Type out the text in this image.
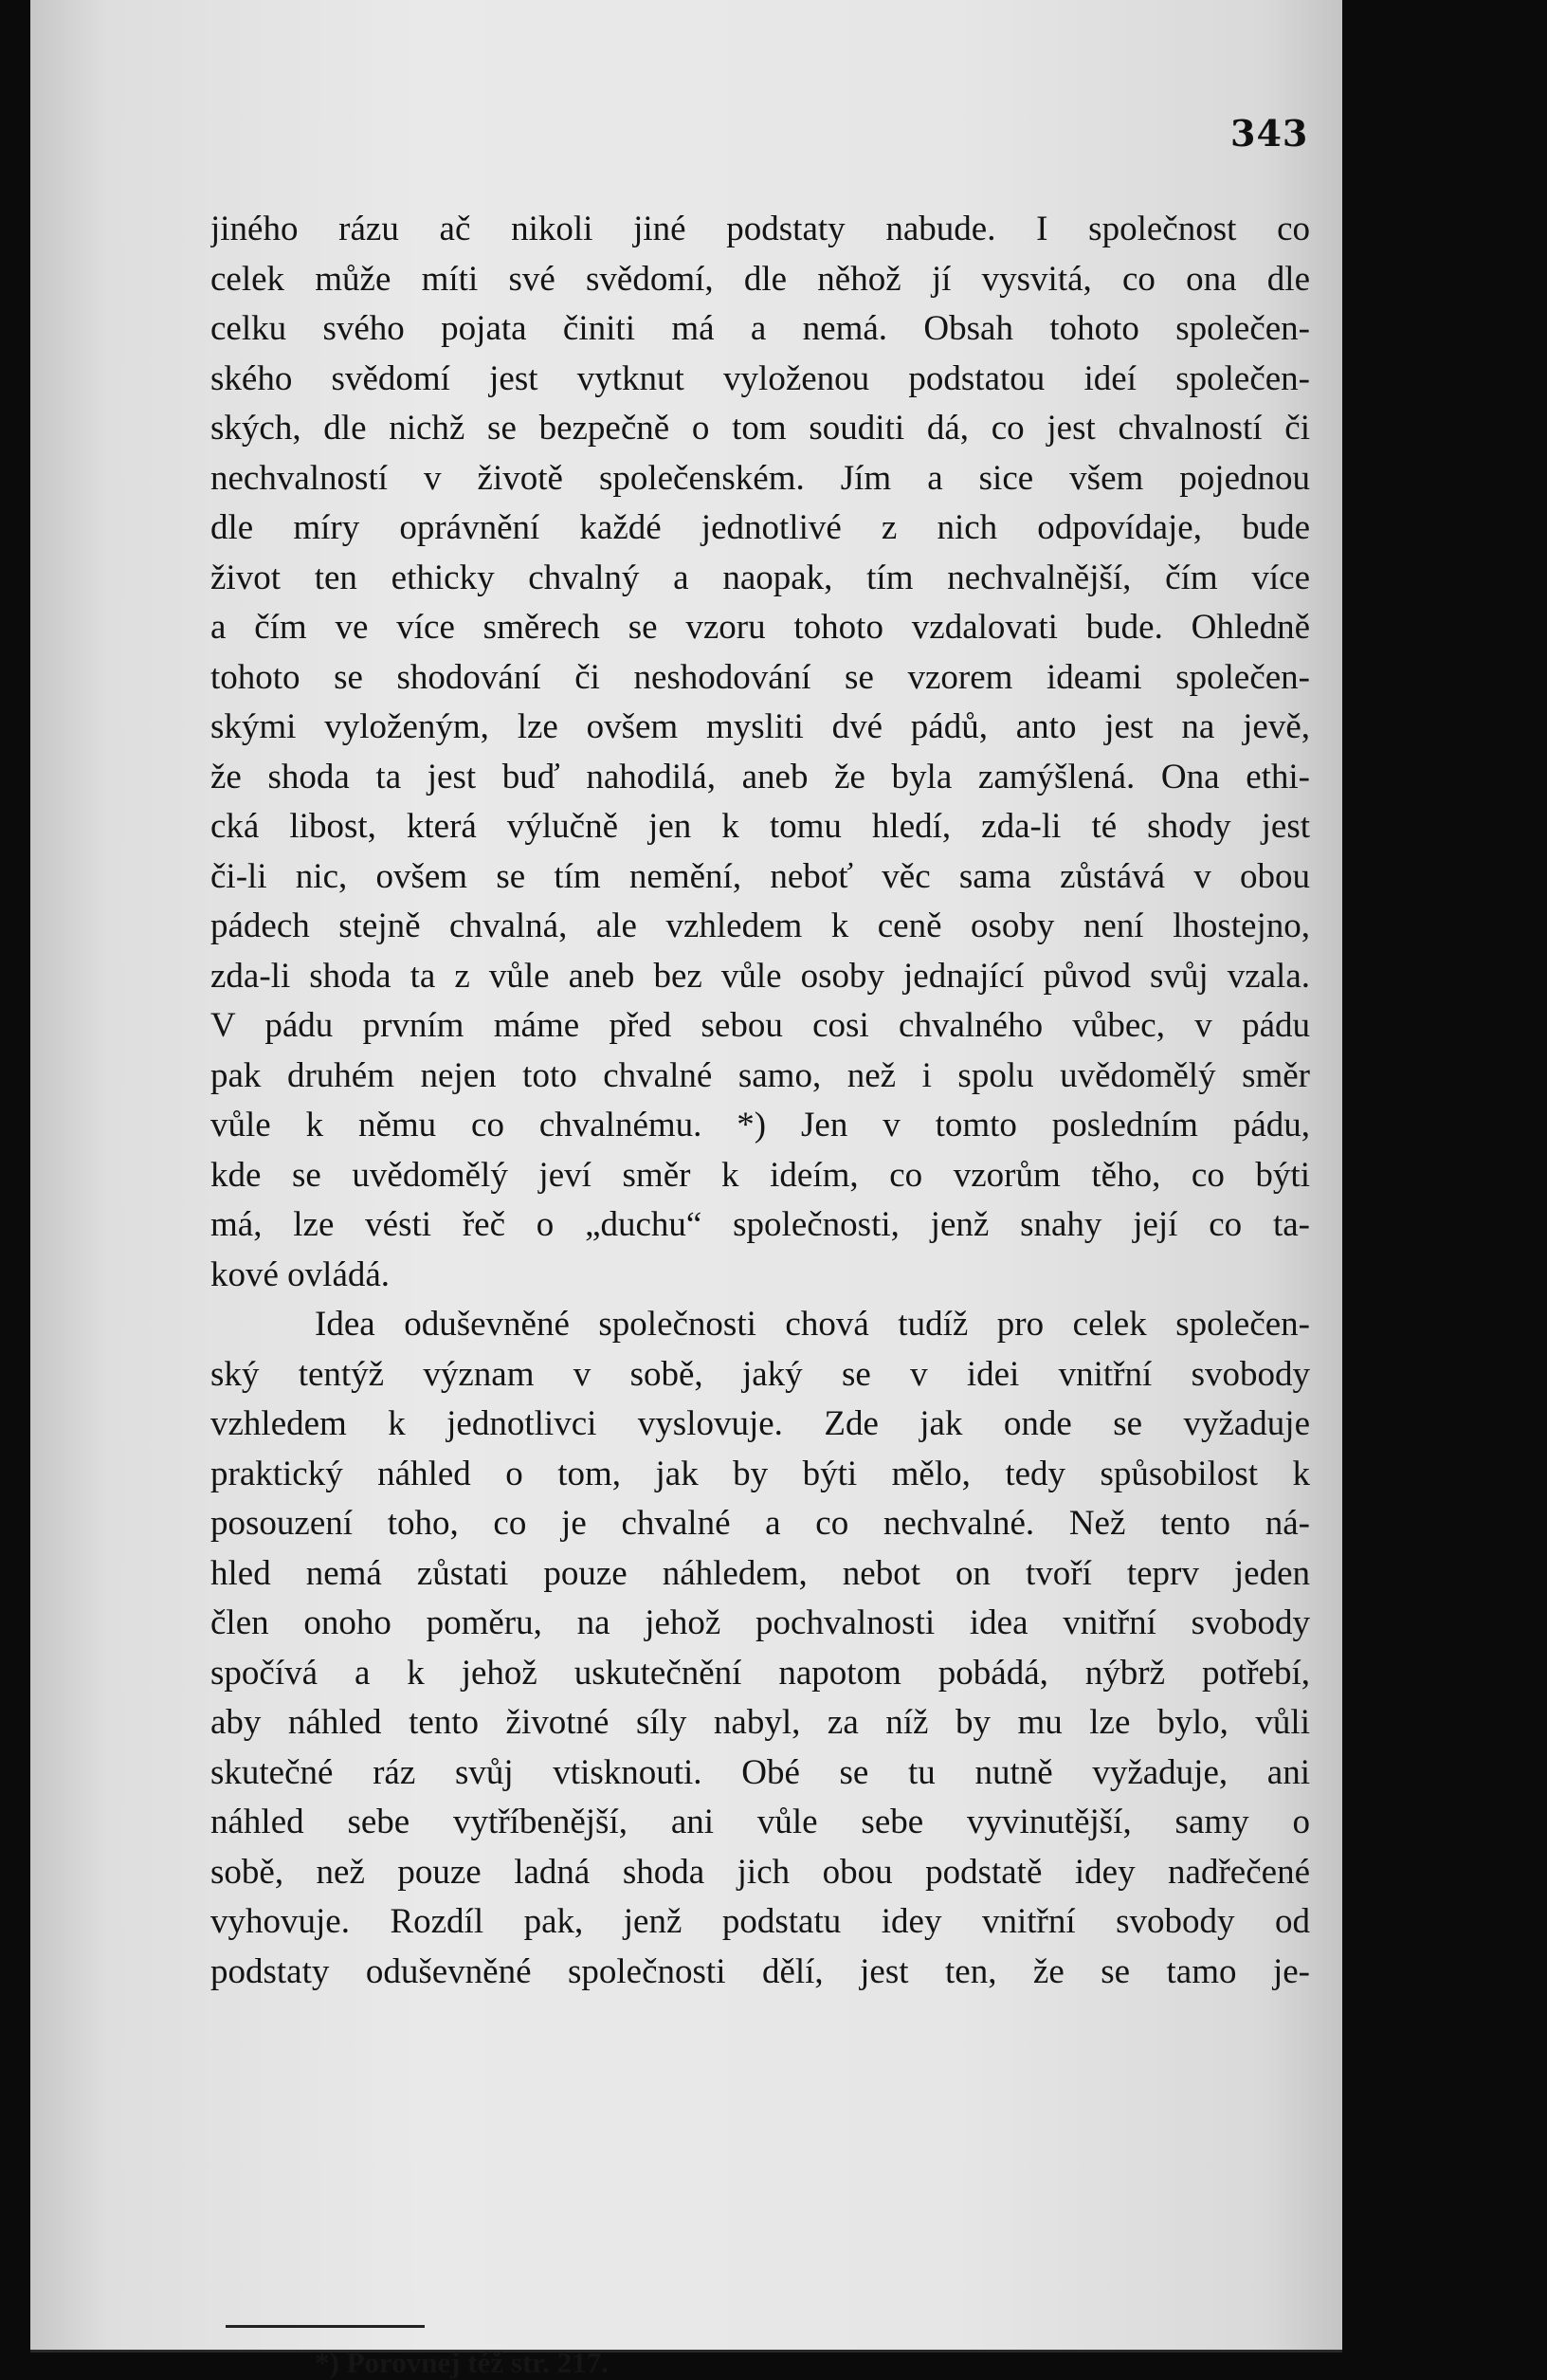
343
jiného rázu ač nikoli jiné podstaty nabude. I společnost co
celek může míti své svědomí, dle něhož jí vysvitá, co ona dle
celku svého pojata činiti má a nemá. Obsah tohoto společen-
ského svědomí jest vytknut vyloženou podstatou ideí společen-
ských, dle nichž se bezpečně o tom souditi dá, co jest chvalností či
nechvalností v životě společenském. Jím a sice všem pojednou
dle míry oprávnění každé jednotlivé z nich odpovídaje, bude
život ten ethicky chvalný a naopak, tím nechvalnější, čím více
a čím ve více směrech se vzoru tohoto vzdalovati bude. Ohledně
tohoto se shodování či neshodování se vzorem ideami společen-
skými vyloženým, lze ovšem mysliti dvé pádů, anto jest na jevě,
že shoda ta jest buď nahodilá, aneb že byla zamýšlená. Ona ethi-
cká libost, která výlučně jen k tomu hledí, zda-li té shody jest
či-li nic, ovšem se tím nemění, neboť věc sama zůstává v obou
pádech stejně chvalná, ale vzhledem k ceně osoby není lhostejno,
zda-li shoda ta z vůle aneb bez vůle osoby jednající původ svůj vzala.
V pádu prvním máme před sebou cosi chvalného vůbec, v pádu
pak druhém nejen toto chvalné samo, než i spolu uvědomělý směr
vůle k němu co chvalnému. *) Jen v tomto posledním pádu,
kde se uvědomělý jeví směr k ideím, co vzorům těho, co býti
má, lze vésti řeč o „duchu“ společnosti, jenž snahy její co ta-
kové ovládá.
Idea oduševněné společnosti chová tudíž pro celek společen-
ský tentýž význam v sobě, jaký se v idei vnitřní svobody
vzhledem k jednotlivci vyslovuje. Zde jak onde se vyžaduje
praktický náhled o tom, jak by býti mělo, tedy spůsobilost k
posouzení toho, co je chvalné a co nechvalné. Než tento ná-
hled nemá zůstati pouze náhledem, nebot on tvoří teprv jeden
člen onoho poměru, na jehož pochvalnosti idea vnitřní svobody
spočívá a k jehož uskutečnění napotom pobádá, nýbrž potřebí,
aby náhled tento životné síly nabyl, za níž by mu lze bylo, vůli
skutečné ráz svůj vtisknouti. Obé se tu nutně vyžaduje, ani
náhled sebe vytříbenější, ani vůle sebe vyvinutější, samy o
sobě, než pouze ladná shoda jich obou podstatě idey nadřečené
vyhovuje. Rozdíl pak, jenž podstatu idey vnitřní svobody od
podstaty oduševněné společnosti dělí, jest ten, že se tamo je-
*) Porovnej též str. 217.
